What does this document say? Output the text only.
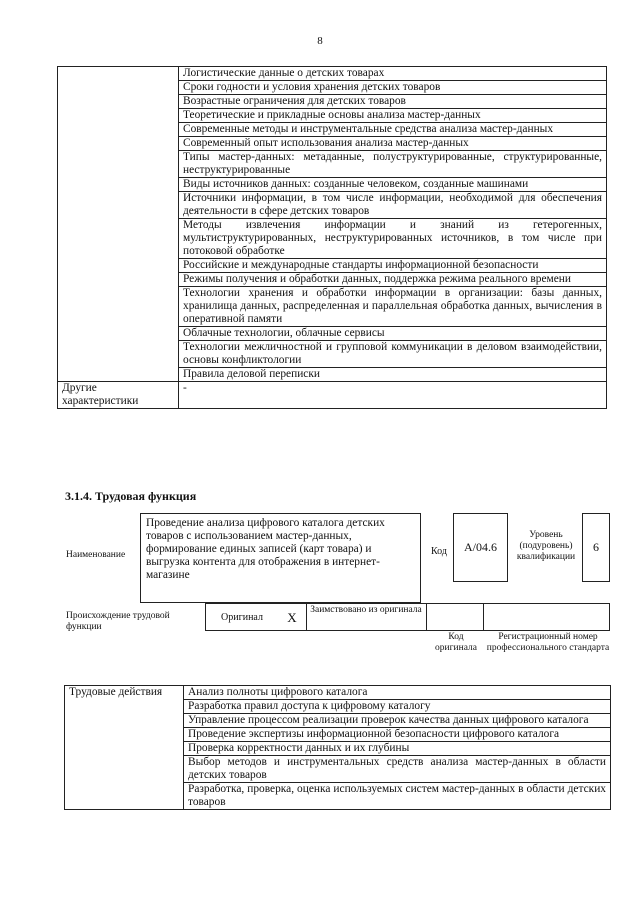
8
	Логистические данные о детских товарах
	Сроки годности и условия хранения детских товаров
	Возрастные ограничения для детских товаров
	Теоретические и прикладные основы анализа мастер-данных
	Современные методы и инструментальные средства анализа мастер-данных
	Современный опыт использования анализа мастер-данных
	Типы мастер-данных: метаданные, полуструктурированные, структурированные, неструктурированные
	Виды источников данных: созданные человеком, созданные машинами
	Источники информации, в том числе информации, необходимой для обеспечения деятельности в сфере детских товаров
	Методы извлечения информации и знаний из гетерогенных, мультиструктурированных, неструктурированных источников, в том числе при потоковой обработке
	Российские и международные стандарты информационной безопасности
	Режимы получения и обработки данных, поддержка режима реального времени
	Технологии хранения и обработки информации в организации: базы данных, хранилища данных, распределенная и параллельная обработка данных, вычисления в оперативной памяти
	Облачные технологии, облачные сервисы
	Технологии межличностной и групповой коммуникации в деловом взаимодействии, основы конфликтологии
	Правила деловой переписки
Другие характеристики	-
3.1.4. Трудовая функция
Наименование
Проведение анализа цифрового каталога детских товаров с использованием мастер-данных, формирование единых записей (карт товара) и выгрузка контента для отображения в интернет-магазине
Код A/04.6
Уровень (подуровень) квалификации
6
Происхождение трудовой функции
Оригинал	X	Заимствовано из оригинала
Код оригинала
Регистрационный номер профессионального стандарта
Трудовые действия	Анализ полноты цифрового каталога
Разработка правил доступа к цифровому каталогу
Управление процессом реализации проверок качества данных цифрового каталога
Проведение экспертизы информационной безопасности цифрового каталога
Проверка корректности данных и их глубины
Выбор методов и инструментальных средств анализа мастер-данных в области детских товаров
Разработка, проверка, оценка используемых систем мастер-данных в области детских товаров
